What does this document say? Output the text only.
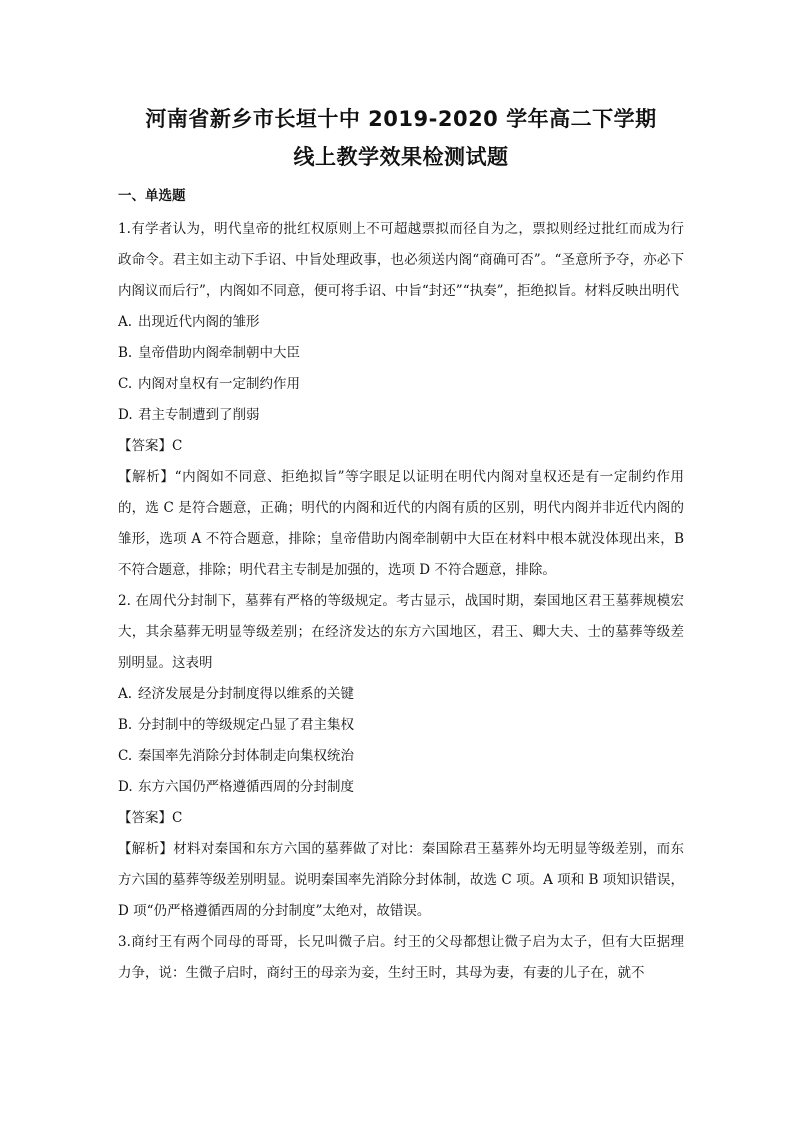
河南省新乡市长垣十中 2019-2020 学年高二下学期
线上教学效果检测试题
一、单选题

1.有学者认为，明代皇帝的批红权原则上不可超越票拟而径自为之，票拟则经过批红而成为行政命令。君主如主动下手诏、中旨处理政事，也必须送内阁“商确可否”。“圣意所予夺，亦必下内阁议而后行”，内阁如不同意，便可将手诏、中旨“封还”“执奏”，拒绝拟旨。材料反映出明代

A. 出现近代内阁的雏形

B. 皇帝借助内阁牵制朝中大臣

C. 内阁对皇权有一定制约作用

D. 君主专制遭到了削弱

【答案】C

【解析】“内阁如不同意、拒绝拟旨”等字眼足以证明在明代内阁对皇权还是有一定制约作用的，选 C 是符合题意，正确；明代的内阁和近代的内阁有质的区别，明代内阁并非近代内阁的雏形，选项 A 不符合题意，排除；皇帝借助内阁牵制朝中大臣在材料中根本就没体现出来，B 不符合题意，排除；明代君主专制是加强的，选项 D 不符合题意，排除。

2. 在周代分封制下，墓葬有严格的等级规定。考古显示，战国时期，秦国地区君王墓葬规模宏大，其余墓葬无明显等级差别；在经济发达的东方六国地区，君王、卿大夫、士的墓葬等级差别明显。这表明

A. 经济发展是分封制度得以维系的关键

B. 分封制中的等级规定凸显了君主集权

C. 秦国率先消除分封体制走向集权统治

D. 东方六国仍严格遵循西周的分封制度

【答案】C

【解析】材料对秦国和东方六国的墓葬做了对比：秦国除君王墓葬外均无明显等级差别，而东方六国的墓葬等级差别明显。说明秦国率先消除分封体制，故选 C 项。A 项和 B 项知识错误，D 项“仍严格遵循西周的分封制度”太绝对，故错误。

3.商纣王有两个同母的哥哥，长兄叫微子启。纣王的父母都想让微子启为太子，但有大臣据理力争，说：生微子启时，商纣王的母亲为妾，生纣王时，其母为妻，有妻的儿子在，就不
